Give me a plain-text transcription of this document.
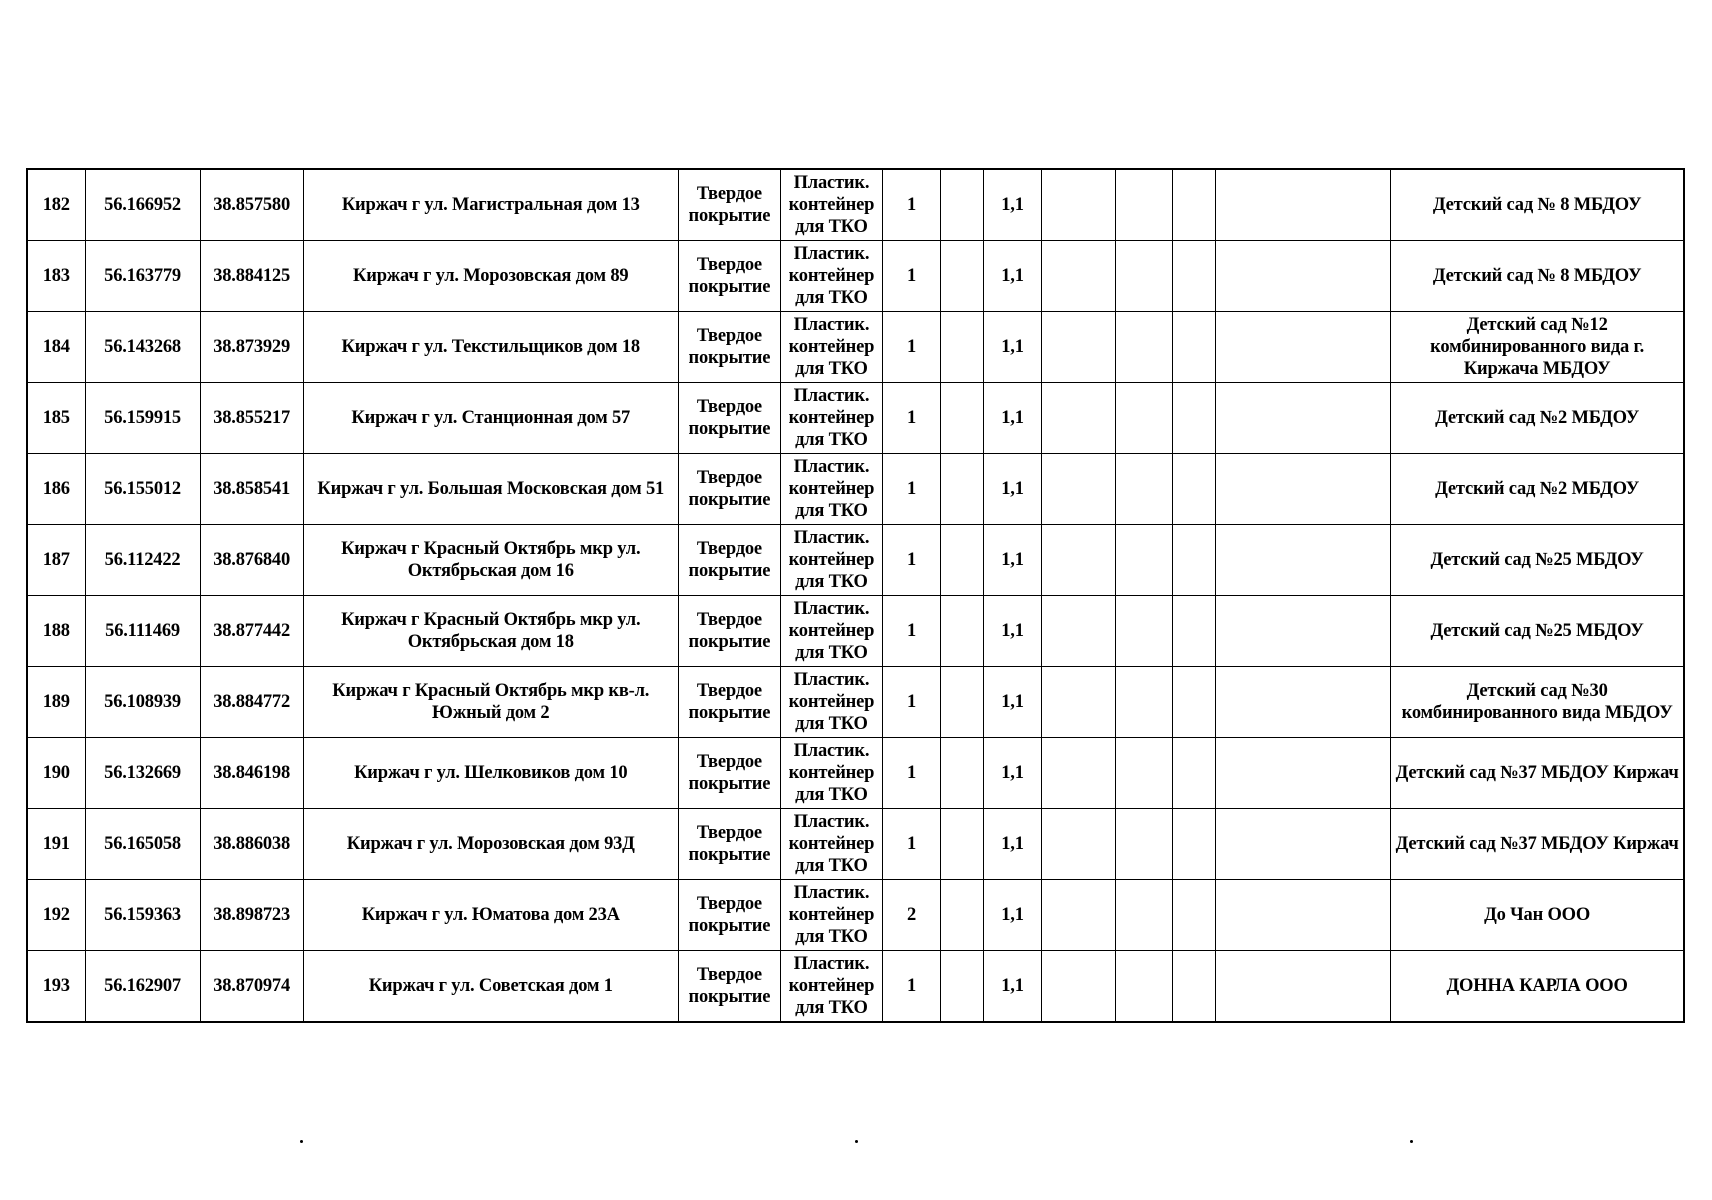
182	56.166952	38.857580	Киржач г ул. Магистральная дом 13	Твердое покрытие	Пластик. контейнер для ТКО	1		1,1					Детский сад № 8 МБДОУ
183	56.163779	38.884125	Киржач г ул. Морозовская дом 89	Твердое покрытие	Пластик. контейнер для ТКО	1		1,1					Детский сад № 8 МБДОУ
184	56.143268	38.873929	Киржач г ул. Текстильщиков дом 18	Твердое покрытие	Пластик. контейнер для ТКО	1		1,1					Детский сад №12 комбинированного вида г. Киржача МБДОУ
185	56.159915	38.855217	Киржач г ул. Станционная дом 57	Твердое покрытие	Пластик. контейнер для ТКО	1		1,1					Детский сад №2 МБДОУ
186	56.155012	38.858541	Киржач г ул. Большая Московская дом 51	Твердое покрытие	Пластик. контейнер для ТКО	1		1,1					Детский сад №2 МБДОУ
187	56.112422	38.876840	Киржач г Красный Октябрь мкр ул. Октябрьская дом 16	Твердое покрытие	Пластик. контейнер для ТКО	1		1,1					Детский сад №25 МБДОУ
188	56.111469	38.877442	Киржач г Красный Октябрь мкр ул. Октябрьская дом 18	Твердое покрытие	Пластик. контейнер для ТКО	1		1,1					Детский сад №25 МБДОУ
189	56.108939	38.884772	Киржач г Красный Октябрь мкр кв-л. Южный дом 2	Твердое покрытие	Пластик. контейнер для ТКО	1		1,1					Детский сад №30 комбинированного вида МБДОУ
190	56.132669	38.846198	Киржач г ул. Шелковиков дом 10	Твердое покрытие	Пластик. контейнер для ТКО	1		1,1					Детский сад №37 МБДОУ Киржач
191	56.165058	38.886038	Киржач г ул. Морозовская дом 93Д	Твердое покрытие	Пластик. контейнер для ТКО	1		1,1					Детский сад №37 МБДОУ Киржач
192	56.159363	38.898723	Киржач г ул. Юматова дом 23А	Твердое покрытие	Пластик. контейнер для ТКО	2		1,1					До Чан ООО
193	56.162907	38.870974	Киржач г ул. Советская дом 1	Твердое покрытие	Пластик. контейнер для ТКО	1		1,1					ДОННА КАРЛА ООО
